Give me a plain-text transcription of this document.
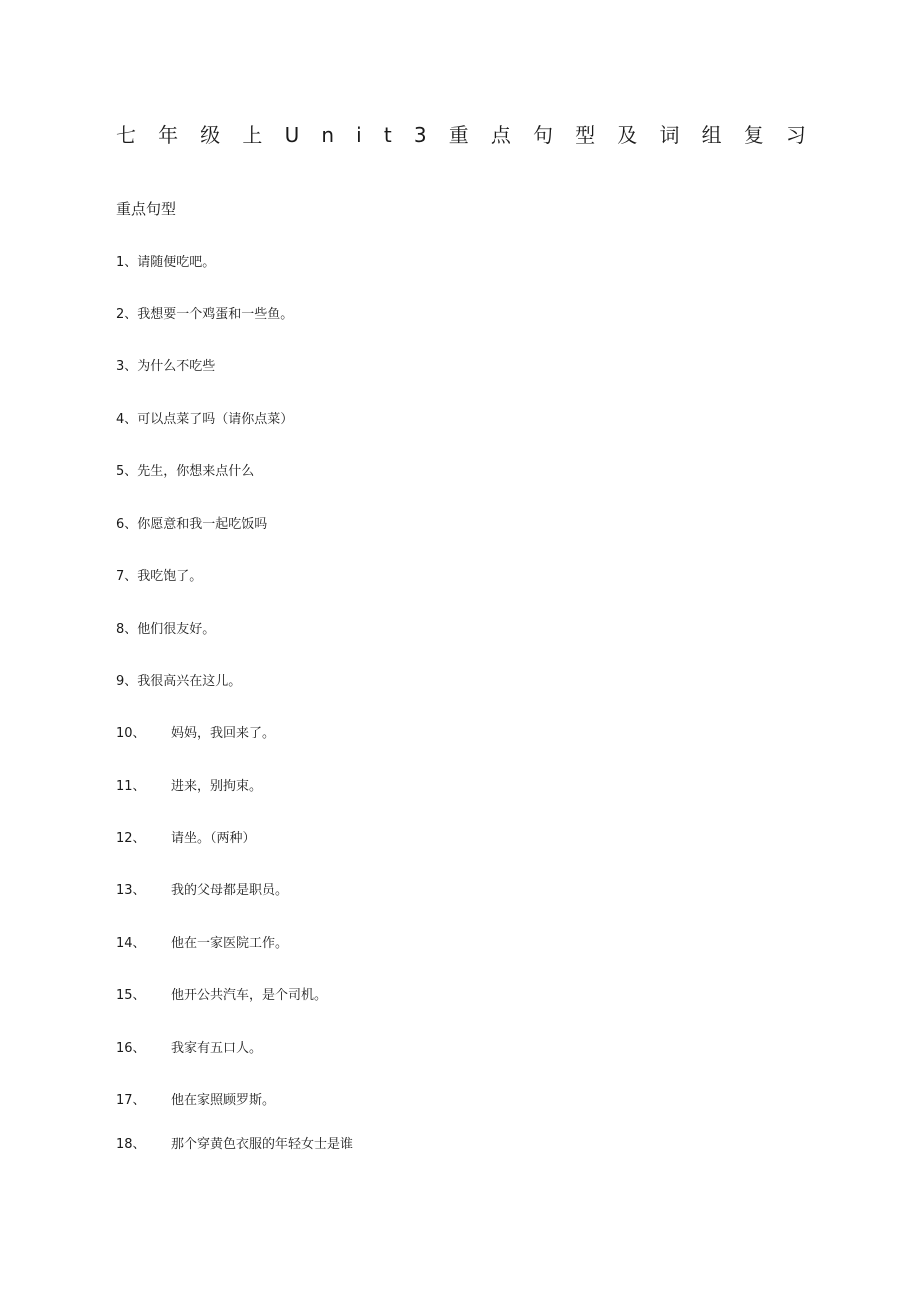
七 年 级 上 U n i t 3 重 点 句 型 及 词 组 复 习
重点句型
1、请随便吃吧。
2、我想要一个鸡蛋和一些鱼。
3、为什么不吃些
4、可以点菜了吗（请你点菜）
5、先生，你想来点什么
6、你愿意和我一起吃饭吗
7、我吃饱了。
8、他们很友好。
9、我很高兴在这儿。
10、 妈妈，我回来了。
11、 进来，别拘束。
12、 请坐。（两种）
13、 我的父母都是职员。
14、 他在一家医院工作。
15、 他开公共汽车，是个司机。
16、 我家有五口人。
17、 他在家照顾罗斯。
18、 那个穿黄色衣服的年轻女士是谁
